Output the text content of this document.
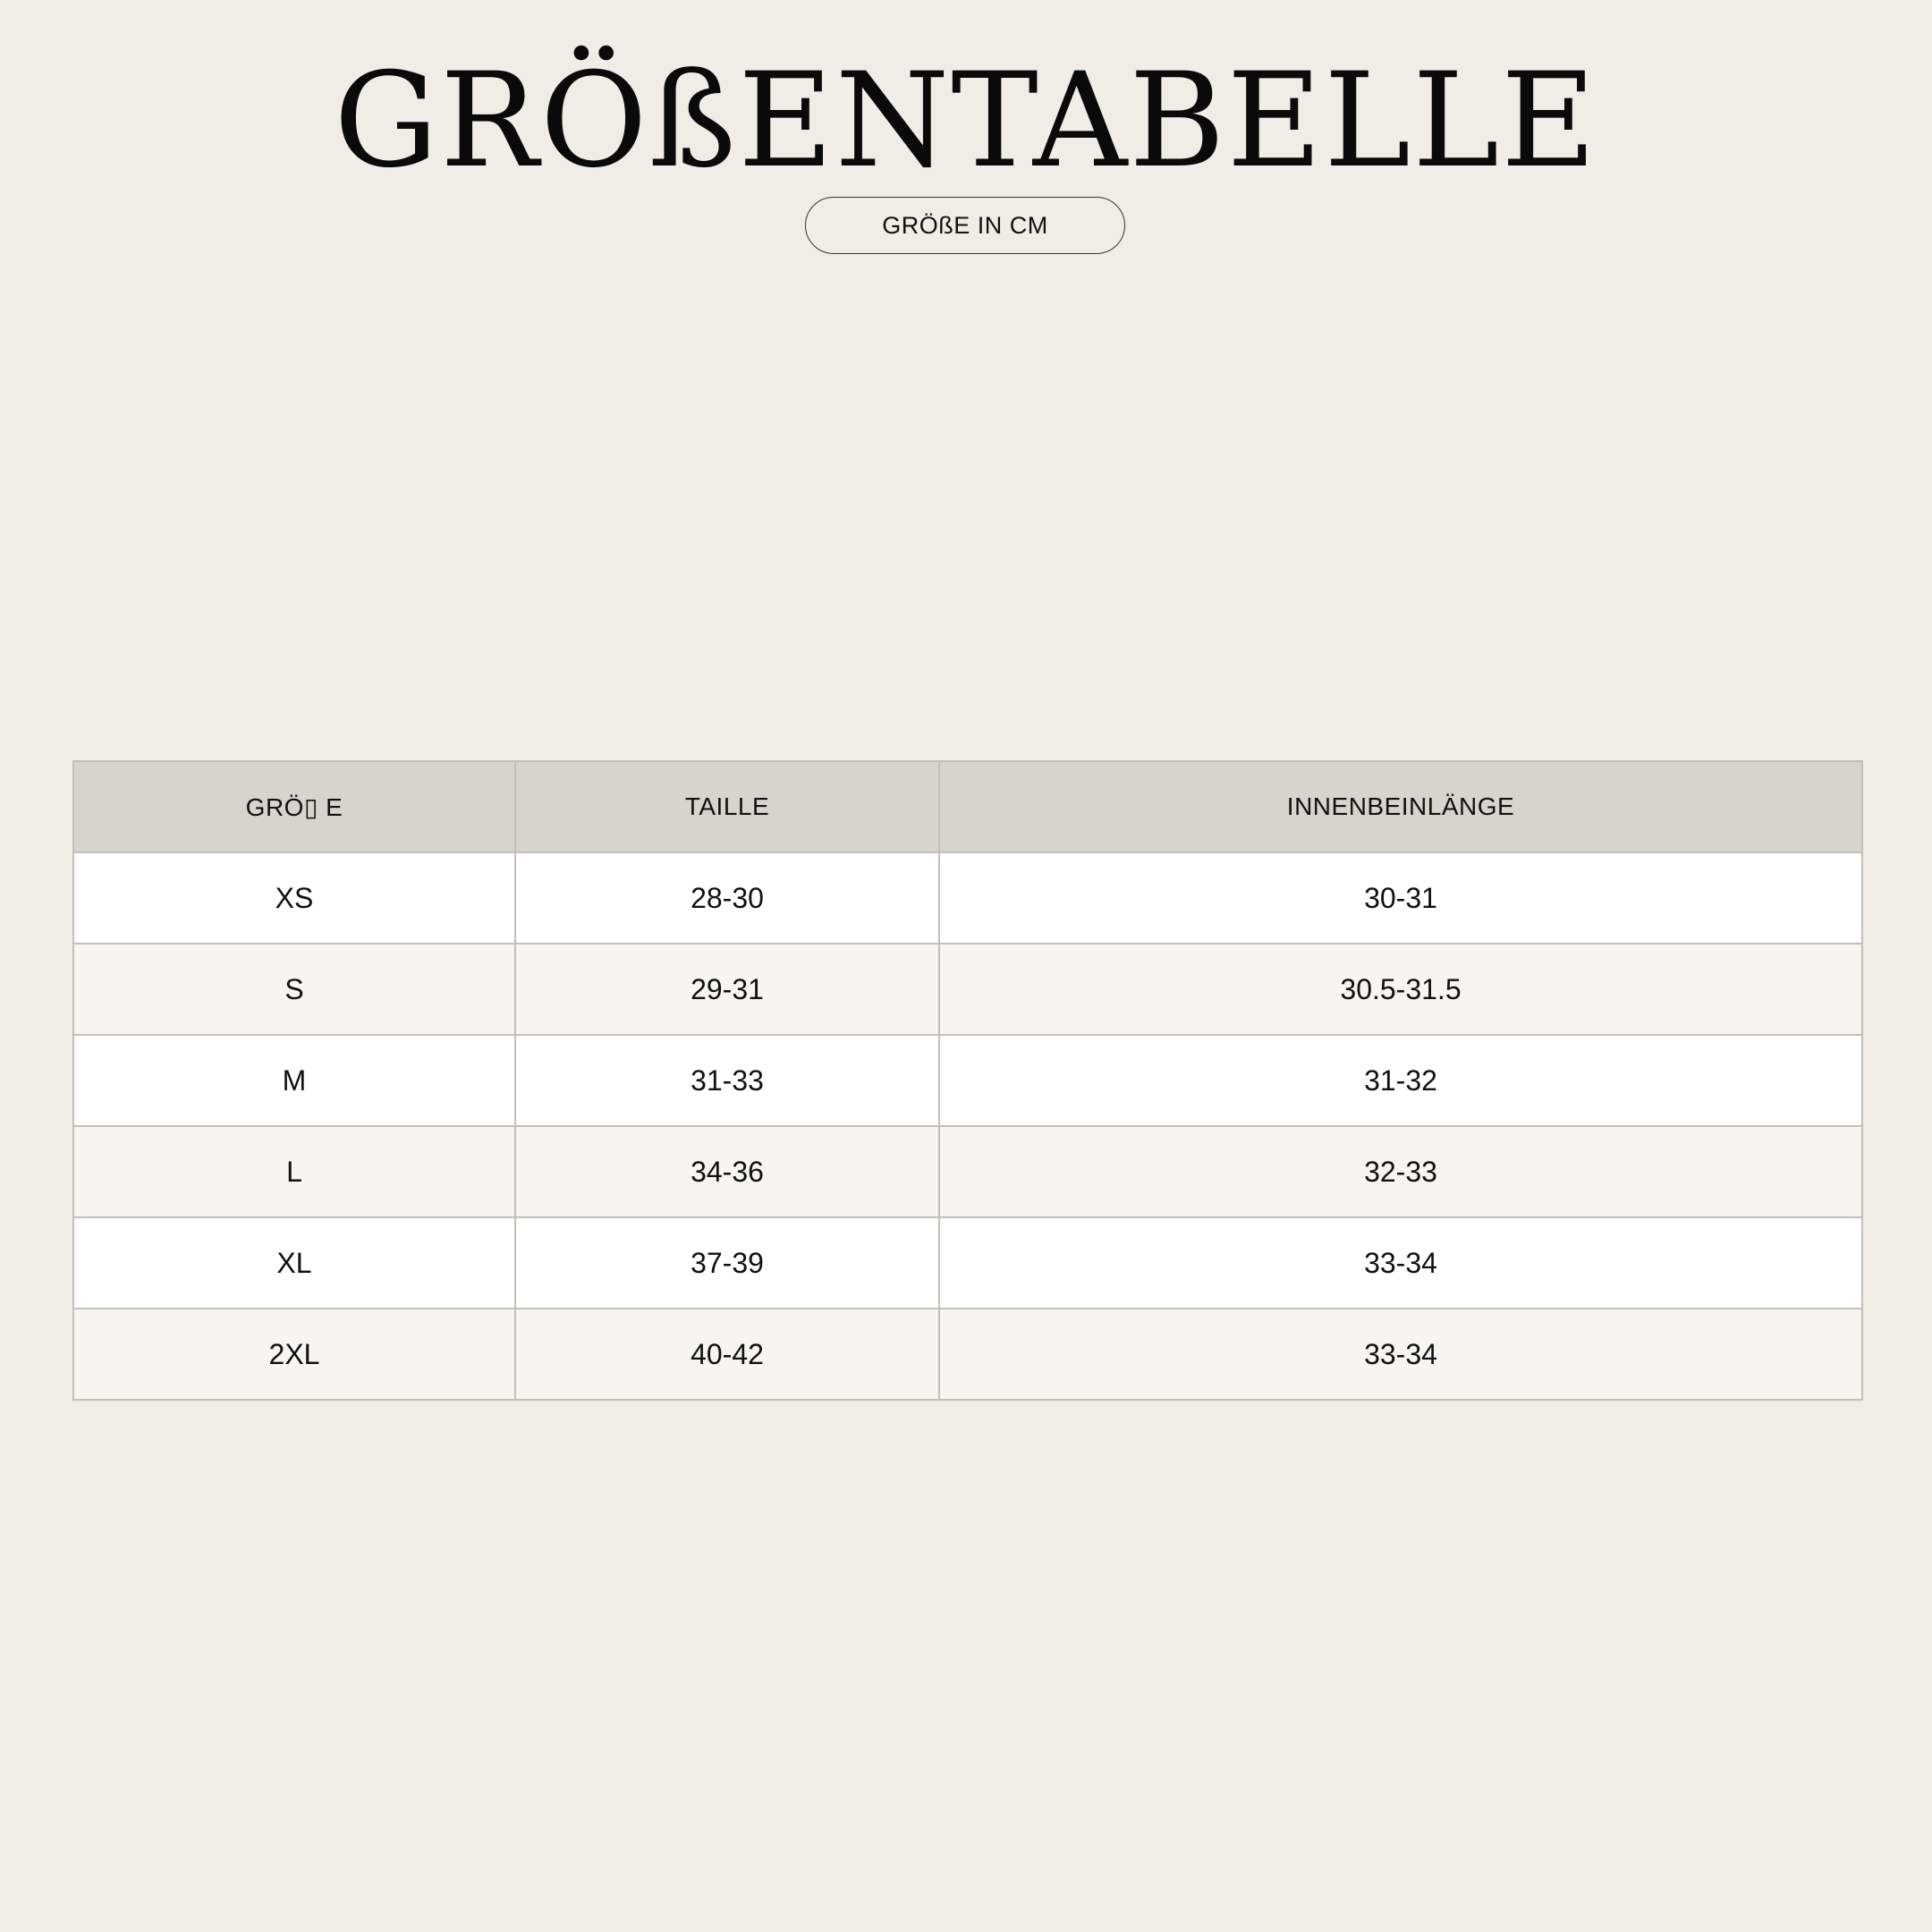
GRÖßENTABELLE
GRÖßE IN CM
GRÖ▯ E	TAILLE	INNENBEINLÄNGE
XS	28-30	30-31
S	29-31	30.5-31.5
M	31-33	31-32
L	34-36	32-33
XL	37-39	33-34
2XL	40-42	33-34
